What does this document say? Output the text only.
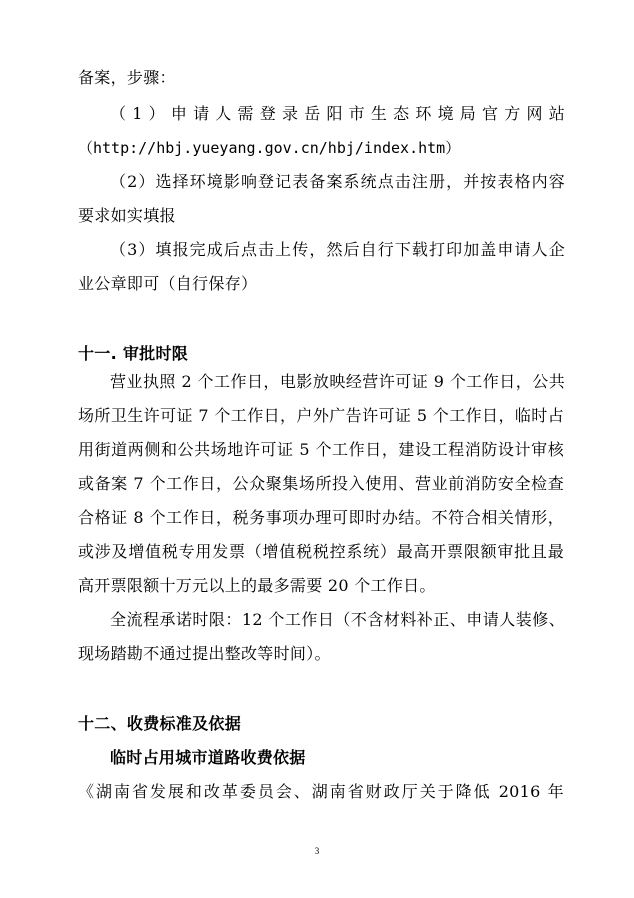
备案，步骤：
（1）申请人需登录岳阳市生态环境局官方网站
（http://hbj.yueyang.gov.cn/hbj/index.htm）
（2）选择环境影响登记表备案系统点击注册，并按表格内容
要求如实填报
（3）填报完成后点击上传，然后自行下载打印加盖申请人企
业公章即可（自行保存）
十一. 审批时限
营业执照 2 个工作日，电影放映经营许可证 9 个工作日，公共
场所卫生许可证 7 个工作日，户外广告许可证 5 个工作日，临时占
用街道两侧和公共场地许可证 5 个工作日，建设工程消防设计审核
或备案 7 个工作日，公众聚集场所投入使用、营业前消防安全检查
合格证 8 个工作日，税务事项办理可即时办结。不符合相关情形，
或涉及增值税专用发票（增值税税控系统）最高开票限额审批且最
高开票限额十万元以上的最多需要 20 个工作日。
全流程承诺时限：12 个工作日（不含材料补正、申请人装修、
现场踏勘不通过提出整改等时间）。
十二、收费标准及依据
临时占用城市道路收费依据
《湖南省发展和改革委员会、湖南省财政厅关于降低 2016 年
3
